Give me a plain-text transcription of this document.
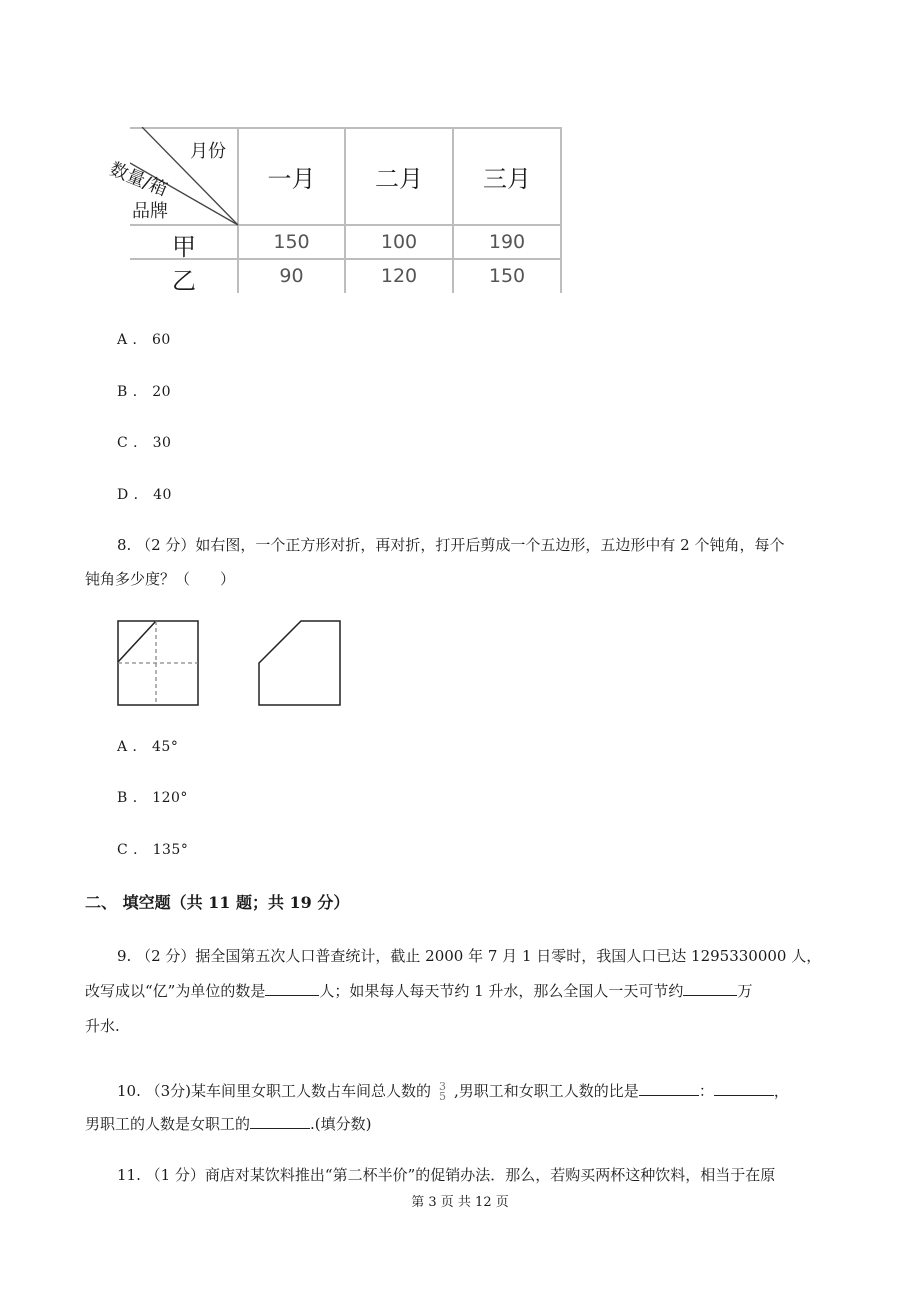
月份
数量/箱
品牌
一月	二月	三月
甲	150	100	190
乙	90	120	150
A ． 60
B ． 20
C ． 30
D ． 40
8. （2 分）如右图，一个正方形对折，再对折，打开后剪成一个五边形，五边形中有 2 个钝角，每个
钝角多少度？（　　）
A ． 45°
B ． 120°
C ． 135°
二、 填空题（共 11 题；共 19 分）
9. （2 分）据全国第五次人口普查统计，截止 2000 年 7 月 1 日零时，我国人口已达 1295330000 人，
改写成以“亿”为单位的数是	人；如果每人每天节约 1 升水，那么全国人一天可节约	万
升水.
10. （3分)某车间里女职工人数占车间总人数的 3
5 ,男职工和女职工人数的比是	：	，
男职工的人数是女职工的	.(填分数)
11. （1 分）商店对某饮料推出“第二杯半价”的促销办法．那么，若购买两杯这种饮料，相当于在原
第 3 页 共 12 页
